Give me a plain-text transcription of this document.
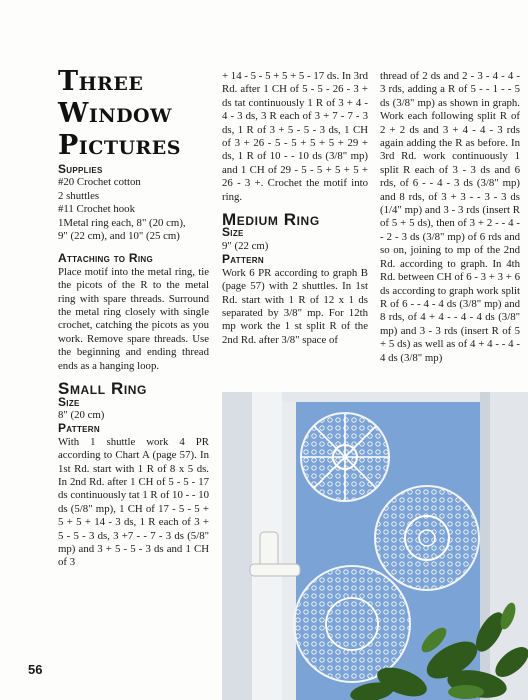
Three
Window
Pictures
Supplies
#20 Crochet cotton
2 shuttles
#11 Crochet hook
1Metal ring each, 8" (20 cm),
9" (22 cm), and 10" (25 cm)
Attaching to Ring

Place motif into the metal ring, tie the picots of the R to the metal ring with spare threads. Surround the metal ring closely with single crochet, catching the picots as you work. Remove spare threads. Use the beginning and ending thread ends as a hanging loop.

Small Ring
Size
8" (20 cm)
Pattern

With 1 shuttle work 4 PR according to Chart A (page 57). In 1st Rd. start with 1 R of 8 x 5 ds. In 2nd Rd. after 1 CH of 5 - 5 - 17 ds continuously tat 1 R of 10 - - 10 ds (5/8" mp), 1 CH of 17 - 5 - 5 + 5 + 5 + 14 - 3 ds, 1 R each of 3 + 5 - 5 - 3 ds, 3 +7 - - 7 - 3 ds (5/8" mp) and 3 + 5 - 5 - 3 ds and 1 CH of 3

+ 14 - 5 - 5 + 5 + 5 - 17 ds. In 3rd Rd. after 1 CH of 5 - 5 - 26 - 3 + ds tat continuously 1 R of 3 + 4 - 4 - 3 ds, 3 R each of 3 + 7 - 7 - 3 ds, 1 R of 3 + 5 - 5 - 3 ds, 1 CH of 3 + 26 - 5 - 5 + 5 + 5 + 29 + ds, 1 R of 10 - - 10 ds (3/8" mp) and 1 CH of 29 - 5 - 5 + 5 + 5 + 26 - 3 +. Crochet the motif into ring.

Medium Ring
Size
9" (22 cm)
Pattern

Work 6 PR according to graph B (page 57) with 2 shuttles. In 1st Rd. start with 1 R of 12 x 1 ds separated by 3/8" mp. For 12th mp work the 1 st split R of the 2nd Rd. after 3/8" space of

thread of 2 ds and 2 - 3 - 4 - 4 - 3 rds, adding a R of 5 - - 1 - - 5 ds (3/8" mp) as shown in graph. Work each following split R of 2 + 2 ds and 3 + 4 - 4 - 3 rds again adding the R as before. In 3rd Rd. work continuously 1 split R each of 3 - 3 ds and 6 rds, of 6 - - 4 - 3 ds (3/8" mp) and 8 rds, of 3 + 3 - - 3 - 3 ds (1/4" mp) and 3 - 3 rds (insert R of 5 + 5 ds), then of 3 + 2 - - 4 - - 2 - 3 ds (3/8" mp) of 6 rds and so on, joining to mp of the 2nd Rd. according to graph. In 4th Rd. between CH of 6 - 3 + 3 + 6 ds according to graph work split R of 6 - - 4 - 4 ds (3/8" mp) and 8 rds, of 4 + 4 - - 4 - 4 ds (3/8" mp) and 3 - 3 rds (insert R of 5 + 5 ds) as well as of 4 + 4 - - 4 - 4 ds (3/8" mp)

56
